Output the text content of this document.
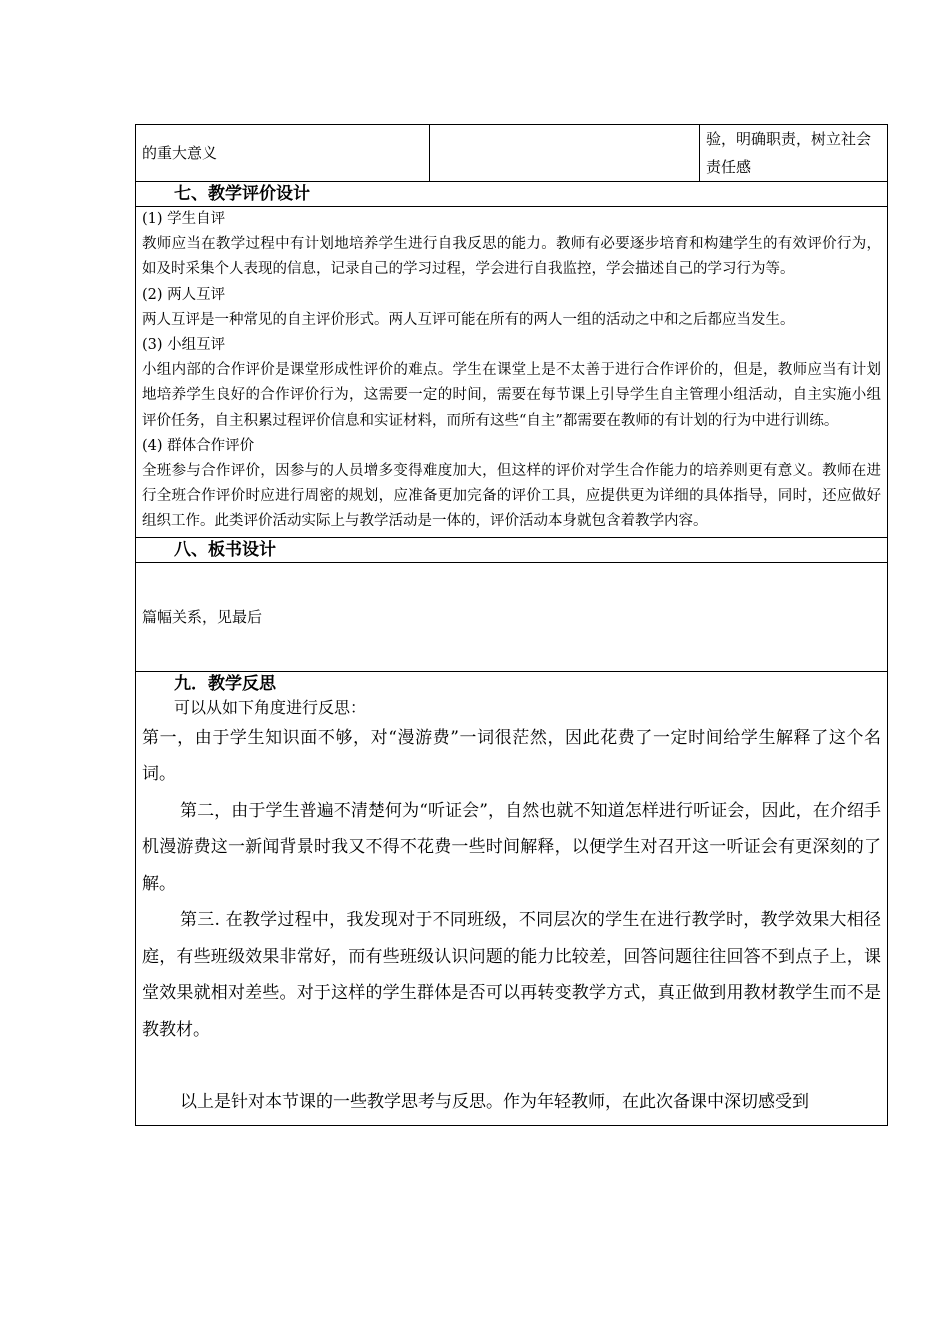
的重大意义		验，明确职责，树立社会责任感
七、教学评价设计

(1) 学生自评

教师应当在教学过程中有计划地培养学生进行自我反思的能力。教师有必要逐步培育和构建学生的有效评价行为，如及时采集个人表现的信息，记录自己的学习过程，学会进行自我监控，学会描述自己的学习行为等。

(2) 两人互评

两人互评是一种常见的自主评价形式。两人互评可能在所有的两人一组的活动之中和之后都应当发生。

(3) 小组互评

小组内部的合作评价是课堂形成性评价的难点。学生在课堂上是不太善于进行合作评价的，但是，教师应当有计划地培养学生良好的合作评价行为，这需要一定的时间，需要在每节课上引导学生自主管理小组活动，自主实施小组评价任务，自主积累过程评价信息和实证材料，而所有这些“自主”都需要在教师的有计划的行为中进行训练。

(4) 群体合作评价

全班参与合作评价，因参与的人员增多变得难度加大，但这样的评价对学生合作能力的培养则更有意义。教师在进行全班合作评价时应进行周密的规划，应准备更加完备的评价工具，应提供更为详细的具体指导，同时，还应做好组织工作。此类评价活动实际上与教学活动是一体的，评价活动本身就包含着教学内容。

八、板书设计
篇幅关系，见最后

九．教学反思
可以从如下角度进行反思：

第一，由于学生知识面不够，对“漫游费”一词很茫然，因此花费了一定时间给学生解释了这个名词。

第二，由于学生普遍不清楚何为“听证会”，自然也就不知道怎样进行听证会，因此，在介绍手机漫游费这一新闻背景时我又不得不花费一些时间解释，以便学生对召开这一听证会有更深刻的了解。

第三. 在教学过程中，我发现对于不同班级，不同层次的学生在进行教学时，教学效果大相径庭，有些班级效果非常好，而有些班级认识问题的能力比较差，回答问题往往回答不到点子上，课堂效果就相对差些。对于这样的学生群体是否可以再转变教学方式，真正做到用教材教学生而不是教教材。

以上是针对本节课的一些教学思考与反思。作为年轻教师，在此次备课中深切感受到
